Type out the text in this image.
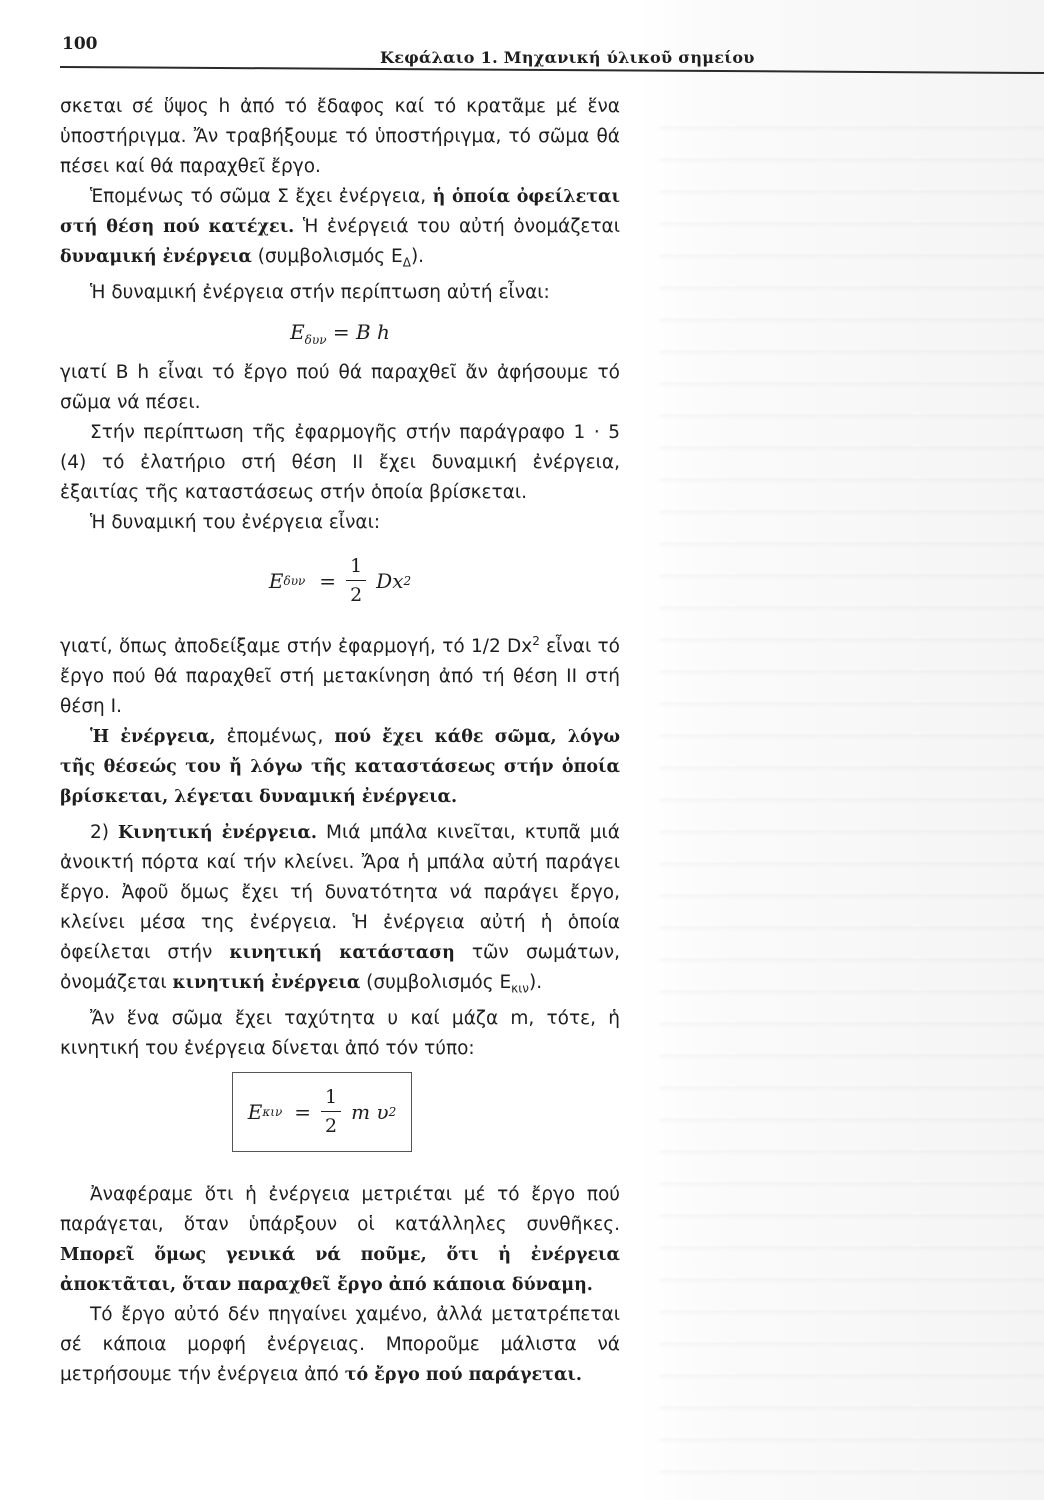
100
Κεφάλαιο 1. Μηχανική ύλικοῦ σημείου

σκεται σέ ὕψος h ἀπό τό ἔδαφος καί τό κρατᾶμε μέ ἕνα ὑποστήριγμα. Ἄν τραβήξουμε τό ὑποστήριγμα, τό σῶμα θά πέσει καί θά παραχθεῖ ἔργο.

Ἑπομένως τό σῶμα Σ ἔχει ἐνέργεια, ἡ ὁποία ὀφείλεται στή θέση πού κατέχει. Ἡ ἐνέργειά του αὐτή ὀνομάζεται δυναμική ἐνέργεια (συμβολισμός $E_\Delta$).

Ἡ δυναμική ἐνέργεια στήν περίπτωση αὐτή εἶναι:

$E_{\delta\upsilon\nu} = B$ h

γιατί B h εἶναι τό ἔργο πού θά παραχθεῖ ἄν ἀφήσουμε τό σῶμα νά πέσει.

Στήν περίπτωση τῆς ἐφαρμογῆς στήν παράγραφο 1 · 5 (4) τό ἐλατήριο στή θέση II ἔχει δυναμική ἐνέργεια, ἐξαιτίας τῆς καταστάσεως στήν ὁποία βρίσκεται.

Ἡ δυναμική του ἐνέργεια εἶναι:

E $\delta\upsilon\nu = \frac{1}{2}$ Dx 2

γιατί, ὅπως ἀποδείξαμε στήν ἐφαρμογή, τό 1/2 Dx$^2$ εἶναι τό ἔργο πού θά παραχθεῖ στή μετακίνηση ἀπό τή θέση II στή θέση I.

Ἡ ἐνέργεια, ἐπομένως, πού ἔχει κάθε σῶμα, λόγω τῆς θέσεώς του ἤ λόγω τῆς καταστάσεως στήν ὁποία βρίσκεται, λέγεται δυναμική ἐνέργεια.

2) Κινητική ἐνέργεια. Μιά μπάλα κινεῖται, κτυπᾶ μιά ἀνοικτή πόρτα καί τήν κλείνει. Ἄρα ἡ μπάλα αὐτή παράγει ἔργο. Ἀφοῦ ὅμως ἔχει τή δυνατότητα νά παράγει ἔργο, κλείνει μέσα της ἐνέργεια. Ἡ ἐνέργεια αὐτή ἡ ὁποία ὀφείλεται στήν κινητική κατάσταση τῶν σωμάτων, ὀνομάζεται κινητική ἐνέργεια (συμβολισμός $E_{\kappa\iota\nu}$).

Ἄν ἕνα σῶμα ἔχει ταχύτητα υ καί μάζα m, τότε, ἡ κινητική του ἐνέργεια δίνεται ἀπό τόν τύπο:

E $\kappa\iota\nu = \frac{1}{2}$ m υ 2

Ἀναφέραμε ὅτι ἡ ἐνέργεια μετριέται μέ τό ἔργο πού παράγεται, ὅταν ὑπάρξουν οἱ κατάλληλες συνθῆκες. Μπορεῖ ὅμως γενικά νά ποῦμε, ὅτι ἡ ἐνέργεια ἀποκτᾶται, ὅταν παραχθεῖ ἔργο ἀπό κάποια δύναμη.

Τό ἔργο αὐτό δέν πηγαίνει χαμένο, ἀλλά μετατρέπεται σέ κάποια μορφή ἐνέργειας. Μποροῦμε μάλιστα νά μετρήσουμε τήν ἐνέργεια ἀπό τό ἔργο πού παράγεται.
